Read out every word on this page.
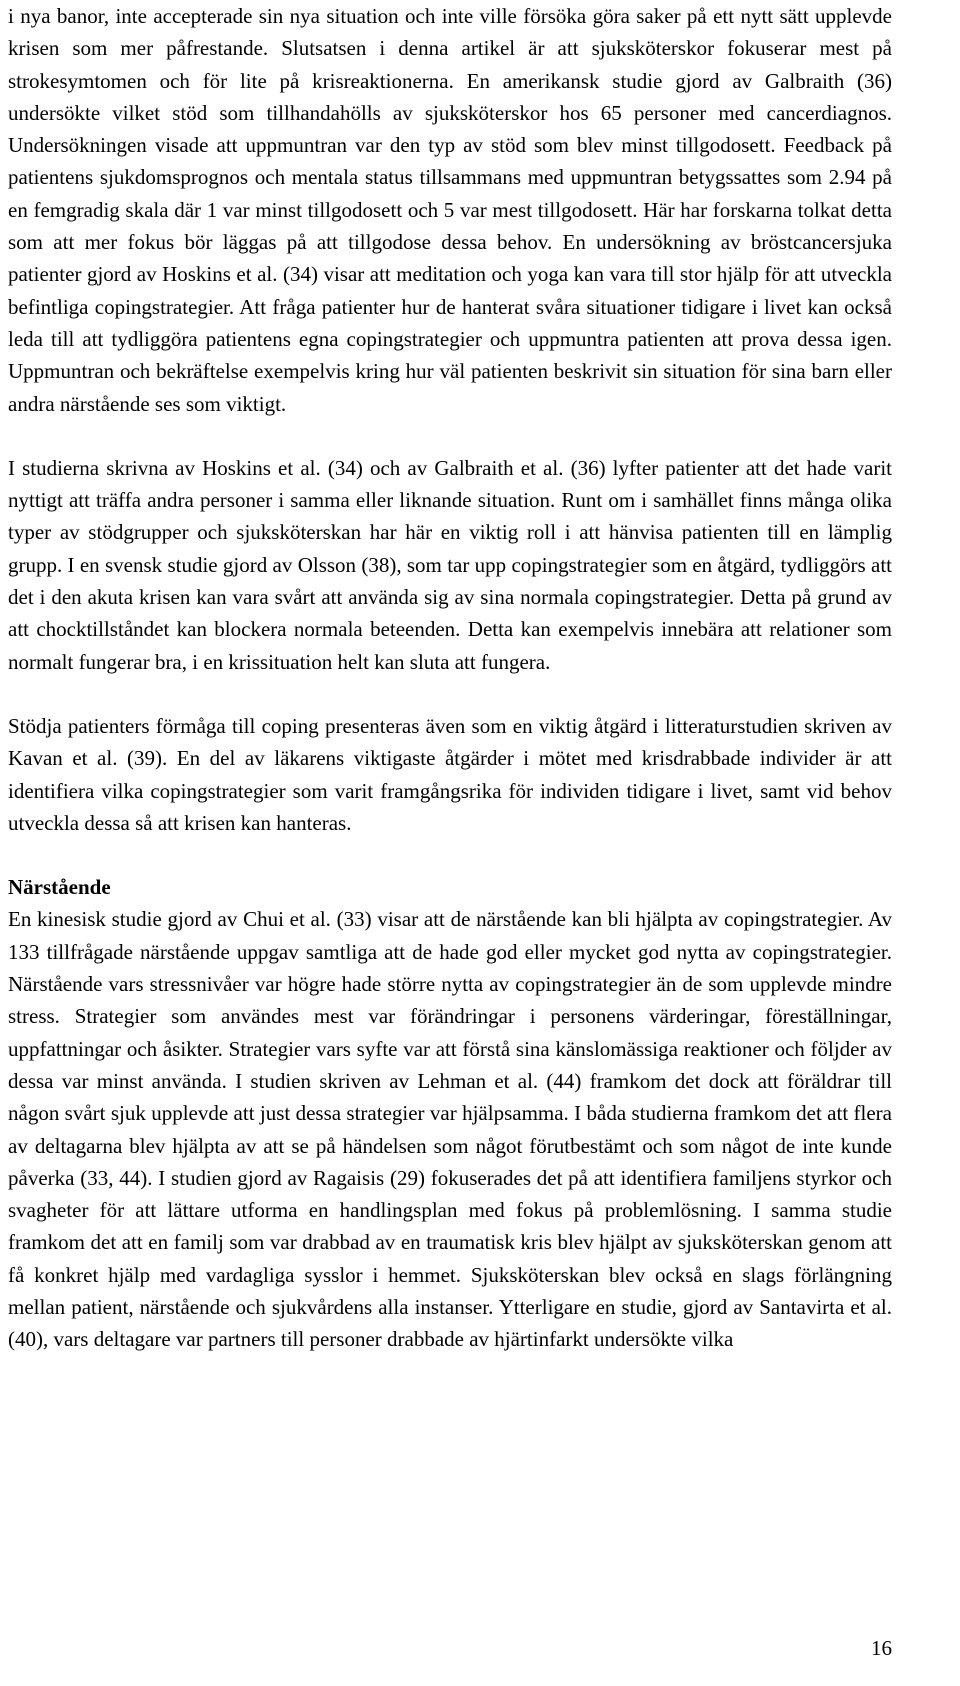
i nya banor, inte accepterade sin nya situation och inte ville försöka göra saker på ett nytt sätt upplevde krisen som mer påfrestande. Slutsatsen i denna artikel är att sjuksköterskor fokuserar mest på strokesymtomen och för lite på krisreaktionerna. En amerikansk studie gjord av Galbraith (36) undersökte vilket stöd som tillhandahölls av sjuksköterskor hos 65 personer med cancerdiagnos. Undersökningen visade att uppmuntran var den typ av stöd som blev minst tillgodosett. Feedback på patientens sjukdomsprognos och mentala status tillsammans med uppmuntran betygssattes som 2.94 på en femgradig skala där 1 var minst tillgodosett och 5 var mest tillgodosett. Här har forskarna tolkat detta som att mer fokus bör läggas på att tillgodose dessa behov. En undersökning av bröstcancersjuka patienter gjord av Hoskins et al. (34) visar att meditation och yoga kan vara till stor hjälp för att utveckla befintliga copingstrategier. Att fråga patienter hur de hanterat svåra situationer tidigare i livet kan också leda till att tydliggöra patientens egna copingstrategier och uppmuntra patienten att prova dessa igen. Uppmuntran och bekräftelse exempelvis kring hur väl patienten beskrivit sin situation för sina barn eller andra närstående ses som viktigt.

I studierna skrivna av Hoskins et al. (34) och av Galbraith et al. (36) lyfter patienter att det hade varit nyttigt att träffa andra personer i samma eller liknande situation. Runt om i samhället finns många olika typer av stödgrupper och sjuksköterskan har här en viktig roll i att hänvisa patienten till en lämplig grupp. I en svensk studie gjord av Olsson (38), som tar upp copingstrategier som en åtgärd, tydliggörs att det i den akuta krisen kan vara svårt att använda sig av sina normala copingstrategier. Detta på grund av att chocktillståndet kan blockera normala beteenden. Detta kan exempelvis innebära att relationer som normalt fungerar bra, i en krissituation helt kan sluta att fungera.

Stödja patienters förmåga till coping presenteras även som en viktig åtgärd i litteraturstudien skriven av Kavan et al. (39). En del av läkarens viktigaste åtgärder i mötet med krisdrabbade individer är att identifiera vilka copingstrategier som varit framgångsrika för individen tidigare i livet, samt vid behov utveckla dessa så att krisen kan hanteras.

Närstående

En kinesisk studie gjord av Chui et al. (33) visar att de närstående kan bli hjälpta av copingstrategier. Av 133 tillfrågade närstående uppgav samtliga att de hade god eller mycket god nytta av copingstrategier. Närstående vars stressnivåer var högre hade större nytta av copingstrategier än de som upplevde mindre stress. Strategier som användes mest var förändringar i personens värderingar, föreställningar, uppfattningar och åsikter. Strategier vars syfte var att förstå sina känslomässiga reaktioner och följder av dessa var minst använda. I studien skriven av Lehman et al. (44) framkom det dock att föräldrar till någon svårt sjuk upplevde att just dessa strategier var hjälpsamma. I båda studierna framkom det att flera av deltagarna blev hjälpta av att se på händelsen som något förutbestämt och som något de inte kunde påverka (33, 44). I studien gjord av Ragaisis (29) fokuserades det på att identifiera familjens styrkor och svagheter för att lättare utforma en handlingsplan med fokus på problemlösning. I samma studie framkom det att en familj som var drabbad av en traumatisk kris blev hjälpt av sjuksköterskan genom att få konkret hjälp med vardagliga sysslor i hemmet. Sjuksköterskan blev också en slags förlängning mellan patient, närstående och sjukvårdens alla instanser. Ytterligare en studie, gjord av Santavirta et al. (40), vars deltagare var partners till personer drabbade av hjärtinfarkt undersökte vilka

16
